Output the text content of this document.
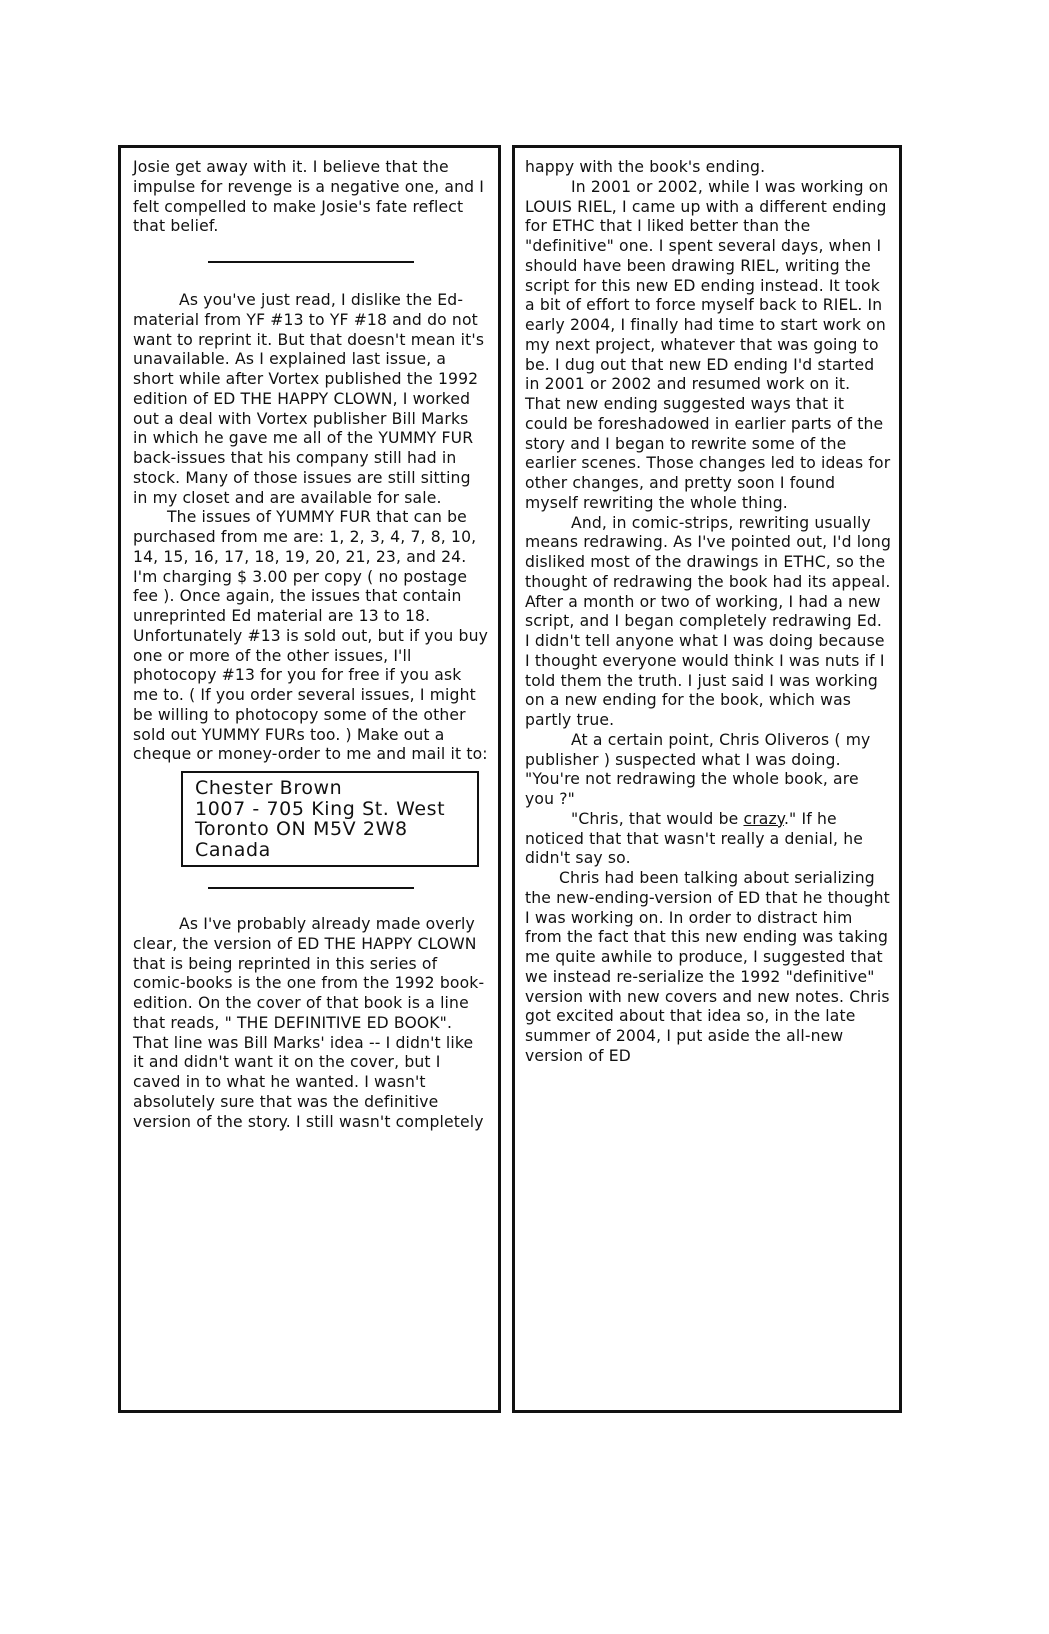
Josie get away with it. I believe that the impulse for revenge is a negative one, and I felt compelled to make Josie's fate reflect that belief.

As you've just read, I dislike the Ed-material from YF #13 to YF #18 and do not want to reprint it. But that doesn't mean it's unavailable. As I explained last issue, a short while after Vortex published the 1992 edition of ED THE HAPPY CLOWN, I worked out a deal with Vortex publisher Bill Marks in which he gave me all of the YUMMY FUR back-issues that his company still had in stock. Many of those issues are still sitting in my closet and are available for sale.

The issues of YUMMY FUR that can be purchased from me are: 1, 2, 3, 4, 7, 8, 10, 14, 15, 16, 17, 18, 19, 20, 21, 23, and 24. I'm charging $ 3.00 per copy ( no postage fee ). Once again, the issues that contain unreprinted Ed material are 13 to 18. Unfortunately #13 is sold out, but if you buy one or more of the other issues, I'll photocopy #13 for you for free if you ask me to. ( If you order several issues, I might be willing to photocopy some of the other sold out YUMMY FURs too. ) Make out a cheque or money-order to me and mail it to:

Chester Brown
1007 - 705 King St. West
Toronto ON M5V 2W8
Canada

As I've probably already made overly clear, the version of ED THE HAPPY CLOWN that is being reprinted in this series of comic-books is the one from the 1992 book-edition. On the cover of that book is a line that reads, " THE DEFINITIVE ED BOOK". That line was Bill Marks' idea -- I didn't like it and didn't want it on the cover, but I caved in to what he wanted. I wasn't absolutely sure that was the definitive version of the story. I still wasn't completely

happy with the book's ending.

In 2001 or 2002, while I was working on LOUIS RIEL, I came up with a different ending for ETHC that I liked better than the "definitive" one. I spent several days, when I should have been drawing RIEL, writing the script for this new ED ending instead. It took a bit of effort to force myself back to RIEL. In early 2004, I finally had time to start work on my next project, whatever that was going to be. I dug out that new ED ending I'd started in 2001 or 2002 and resumed work on it. That new ending suggested ways that it could be foreshadowed in earlier parts of the story and I began to rewrite some of the earlier scenes. Those changes led to ideas for other changes, and pretty soon I found myself rewriting the whole thing.

And, in comic-strips, rewriting usually means redrawing. As I've pointed out, I'd long disliked most of the drawings in ETHC, so the thought of redrawing the book had its appeal. After a month or two of working, I had a new script, and I began completely redrawing Ed. I didn't tell anyone what I was doing because I thought everyone would think I was nuts if I told them the truth. I just said I was working on a new ending for the book, which was partly true.

At a certain point, Chris Oliveros ( my publisher ) suspected what I was doing. "You're not redrawing the whole book, are you ?"

"Chris, that would be crazy." If he noticed that that wasn't really a denial, he didn't say so.

Chris had been talking about serializing the new-ending-version of ED that he thought I was working on. In order to distract him from the fact that this new ending was taking me quite awhile to produce, I suggested that we instead re-serialize the 1992 "definitive" version with new covers and new notes. Chris got excited about that idea so, in the late summer of 2004, I put aside the all-new version of ED
